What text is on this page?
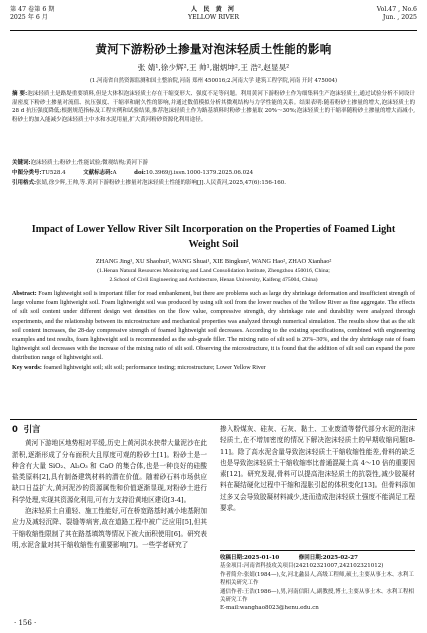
第 47 卷第 6 期
2025 年 6 月
人 民 黄 河
YELLOW RIVER
Vol.47 , No.6
Jun. , 2025
黄河下游粉砂土掺量对泡沫轻质土性能的影响
张 婧¹,徐少辉²,王 帅¹,谢炳坤²,王 浩²,赵显昊²
(1.河南省自然资源监测和国土整治院,河南 郑州 450016;2.河南大学 建筑工程学院,河南 开封 475004)
摘 要:泡沫轻质土是路堤重要填料,但是大体积泡沫轻质土存在干缩变形大、强度不足等问题。利用黄河下游粉砂土作为细集料生产泡沫轻质土,通过试验分析不同设计湿密度下粉砂土掺量对流值、抗压强度、干缩率和耐久性的影响,并通过数值模拟分析其微观结构与力学性能的关系。结果表明:随着粉砂土掺量的增大,泡沫轻质土的 28 d 抗压强度降低;根据规范指标及工程实例和试验结果,推荐泡沫轻质土作为路基填料时粉砂土掺量取 20%～30%;泡沫轻质土的干缩率随粉砂土掺量的增大而减小,粉砂土的加入能减少泡沫轻质土中水和水泥用量,扩大黄河粉砂资源化利用途径。
关键词:泡沫轻质土;粉砂土;性能试验;微观结构;黄河下游
中图分类号:TU528.4	文献标志码:A	doi:10.3969/j.issn.1000-1379.2025.06.024
引用格式:张婧,徐少辉,王帅,等.黄河下游粉砂土掺量对泡沫轻质土性能的影响[J].人民黄河,2025,47(6):156-160.
Impact of Lower Yellow River Silt Incorporation on the Properties of Foamed Light Weight Soil
ZHANG Jing¹, XU Shaohui², WANG Shuai¹, XIE Bingkun², WANG Hao², ZHAO Xianhao²
(1.Henan Natural Resources Monitoring and Land Consolidation Institute, Zhengzhou 450016, China;
2.School of Civil Engineering and Architecture, Henan University, Kaifeng 475004, China)
Abstract: Foam lightweight soil is important filler for road embankment, but there are problems such as large dry shrinkage deformation and insufficient strength of large volume foam lightweight soil. Foam lightweight soil was produced by using silt soil from the lower reaches of the Yellow River as fine aggregate. The effects of silt soil content under different design wet densities on the flow value, compressive strength, dry shrinkage rate and durability were analyzed through experiments, and the relationship between its microstructure and mechanical properties was analyzed through numerical simulation. The results show that as the silt soil content increases, the 28-day compressive strength of foamed lightweight soil decreases. According to the existing specifications, combined with engineering examples and test results, foam lightweight soil is recommended as the sub-grade filler. The mixing ratio of silt soil is 20%–30%, and the dry shrinkage rate of foam lightweight soil decreases with the increase of the mixing ratio of silt soil. Observing the microstructure, it is found that the addition of silt soil can expand the pore distribution range of lightweight soil.
Key words: foamed lightweight soil; silt soil; performance testing; microstructure; Lower Yellow River
0 引言

黄河下游地区地势相对平缓,历史上黄河洪水挟带大量泥沙在此淤积,逐渐形成了分布面积大且厚度可观的粉砂土[1]。粉砂土是一种含有大量 SiO₂、Al₂O₃ 和 CaO 的集合体,也是一种良好的硅酸盐类原料[2],具有制备建筑材料的潜在价值。随着砂石料市场供应缺口日益扩大,黄河泥沙的资源属性和价值逐渐显现,对粉砂土进行科学处理,实现其资源化利用,可有力支持沿黄地区建设[3-4]。

泡沫轻质土自重轻、施工性能好,可在桥宽路基时减小地基附加应力及减轻沉降、裂缝等病害,故在道路工程中被广泛应用[5],但其干缩收缩性限制了其在路基填筑等情况下被大面积使用[6]。研究表明,水泥含量对其干缩收缩性有重要影响[7]。一些学者研究了

掺入粉煤灰、硅灰、石灰、黏土、工业废渣等替代部分水泥的泡沫轻质土,在不增加密度的情况下解决泡沫轻质土的早期收缩问题[8-11]。除了高水泥含量导致泡沫轻质土干缩收缩性能差,骨料的缺乏也是导致泡沫轻质土干缩收缩率比普通混凝土高 4～10 倍的重要因素[12]。研究发现,骨料可以提高泡沫轻质土的抗裂性,减少胶凝材料在凝结硬化过程中干缩和湿胀引起的体积变化[13]。但骨料添加过多又会导致胶凝材料减少,进而造成泡沫轻质土强度不能满足工程要求。

收稿日期:2025-01-10	修回日期:2025-02-27
基金项目:河南省科技攻关项目(242102321007,242102321012)
作者简介:张婧(1984—),女,河北蠡县人,高级工程师,硕士,主要从事土木、水利工程相关研究工作
通信作者:王浩(1986—),男,河南信阳人,副教授,博士,主要从事土木、水利工程相关研究工作
E-mail:wanghao8023@henu.edu.cn
· 156 ·
